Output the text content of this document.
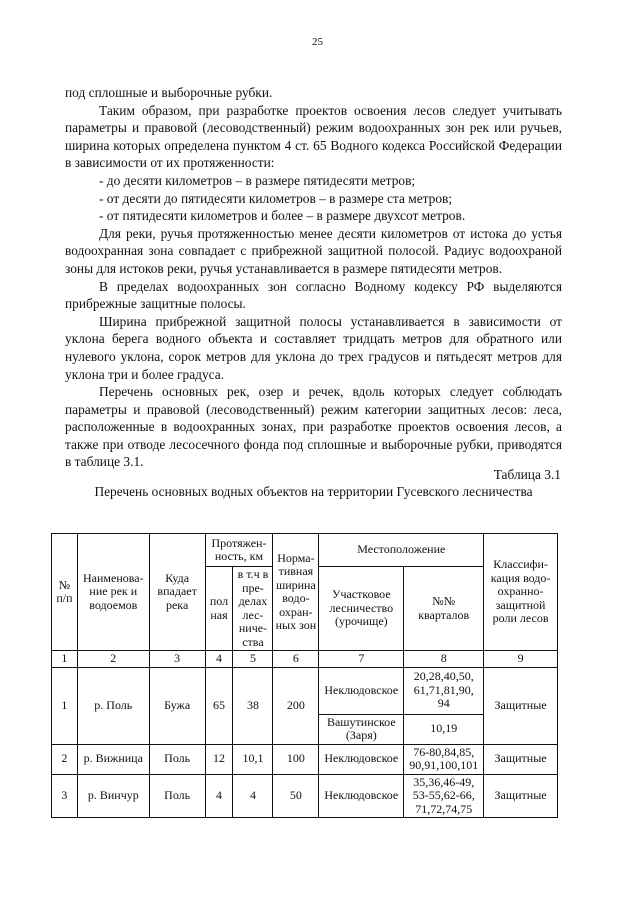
25

под сплошные и выборочные рубки.

Таким образом, при разработке проектов освоения лесов следует учитывать параметры и правовой (лесоводственный) режим водоохранных зон рек или ручьев, ширина которых определена пунктом 4 ст. 65 Водного кодекса Российской Федерации в зависимости от их протяженности:

- до десяти километров – в размере пятидесяти метров;

- от десяти до пятидесяти километров – в размере ста метров;

- от пятидесяти километров и более – в размере двухсот метров.

Для реки, ручья протяженностью менее десяти километров от истока до устья водоохранная зона совпадает с прибрежной защитной полосой. Радиус водоохраной зоны для истоков реки, ручья устанавливается в размере пятидесяти метров.

В пределах водоохранных зон согласно Водному кодексу РФ выделяются прибрежные защитные полосы.

Ширина прибрежной защитной полосы устанавливается в зависимости от уклона берега водного объекта и составляет тридцать метров для обратного или нулевого уклона, сорок метров для уклона до трех градусов и пятьдесят метров для уклона три и более градуса.

Перечень основных рек, озер и речек, вдоль которых следует соблюдать параметры и правовой (лесоводственный) режим категории защитных лесов: леса, расположенные в водоохранных зонах, при разработке проектов освоения лесов, а также при отводе лесосечного фонда под сплошные и выборочные рубки, приводятся в таблице 3.1.

Таблица 3.1
Перечень основных водных объектов на территории Гусевского лесничества
№ п/п	Наименова-ние рек и водоемов	Куда впадает река	Протяжен-ность, км		Норма-тивная ширина водо-охран-ных зон	Местоположение		Классифи-кация водо-охранно-защитной роли лесов
			пол ная	в т.ч в пре-делах лес-ниче-ства		Участковое лесничество (урочище)	№№ кварталов	
1	2	3	4	5	6	7	8	9
1	р. Поль	Бужа	65	38	200	Неклюдовское	20,28,40,50, 61,71,81,90, 94	Защитные
						Вашутинское (Заря)	10,19	
2	р. Вижница	Поль	12	10,1	100	Неклюдовское	76-80,84,85, 90,91,100,101	Защитные
3	р. Винчур	Поль	4	4	50	Неклюдовское	35,36,46-49, 53-55,62-66, 71,72,74,75	Защитные
